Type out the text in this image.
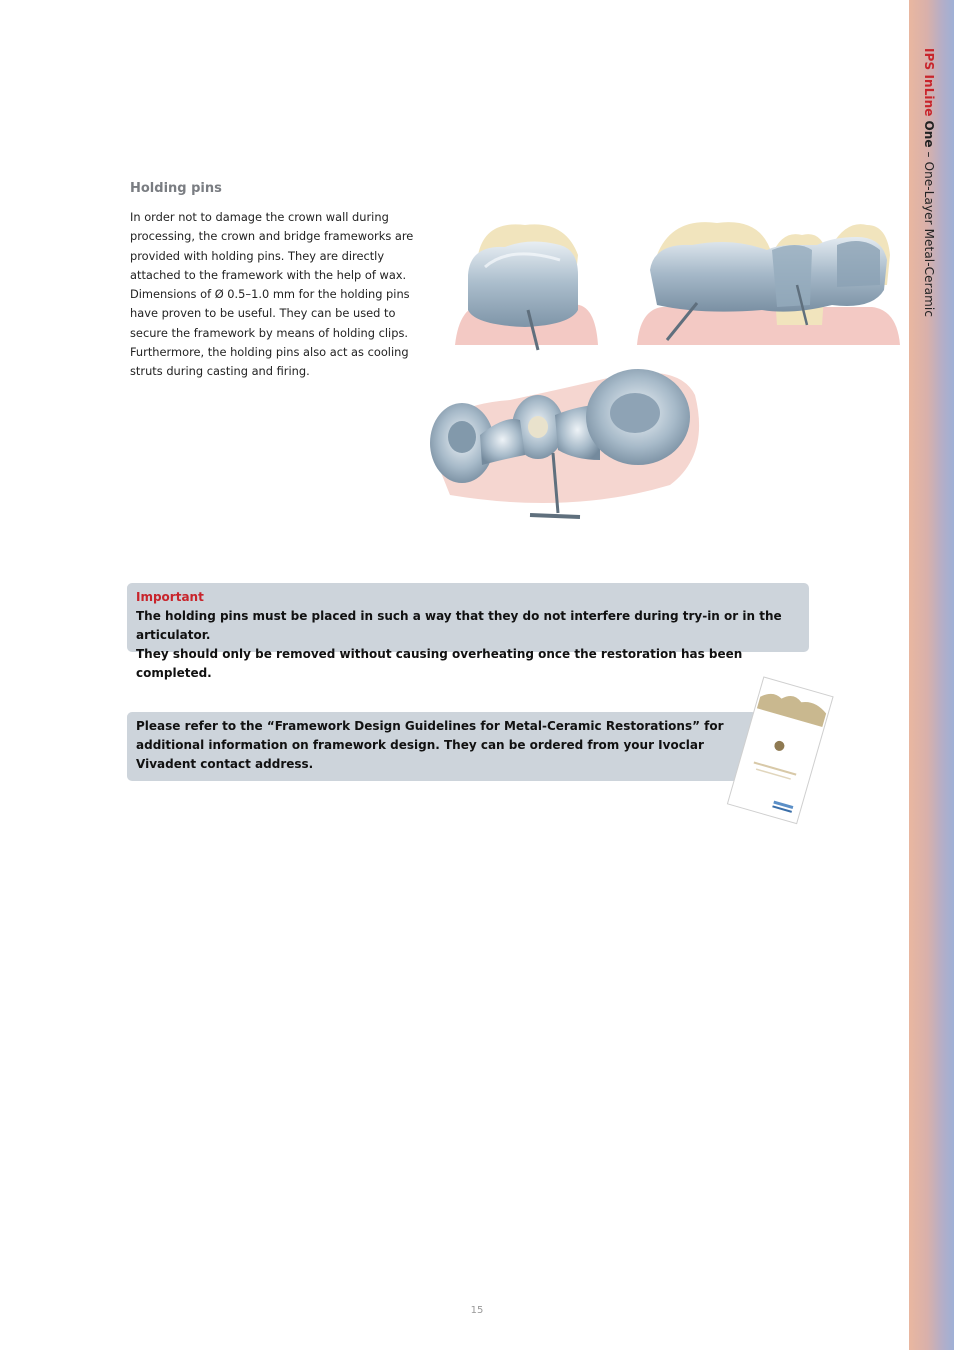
IPS InLine One – One-Layer Metal-Ceramic
Holding pins
In order not to damage the crown wall during processing, the crown and bridge frameworks are provided with holding pins. They are directly attached to the framework with the help of wax. Dimensions of Ø 0.5–1.0 mm for the holding pins have proven to be useful. They can be used to secure the framework by means of holding clips. Furthermore, the holding pins also act as cooling struts during casting and firing.
Important
The holding pins must be placed in such a way that they do not interfere during try-in or in the articulator.
They should only be removed without causing overheating once the restoration has been completed.
Please refer to the “Framework Design Guidelines for Metal-Ceramic Restorations” for additional information on framework design. They can be ordered from your Ivoclar Vivadent contact address.
15
